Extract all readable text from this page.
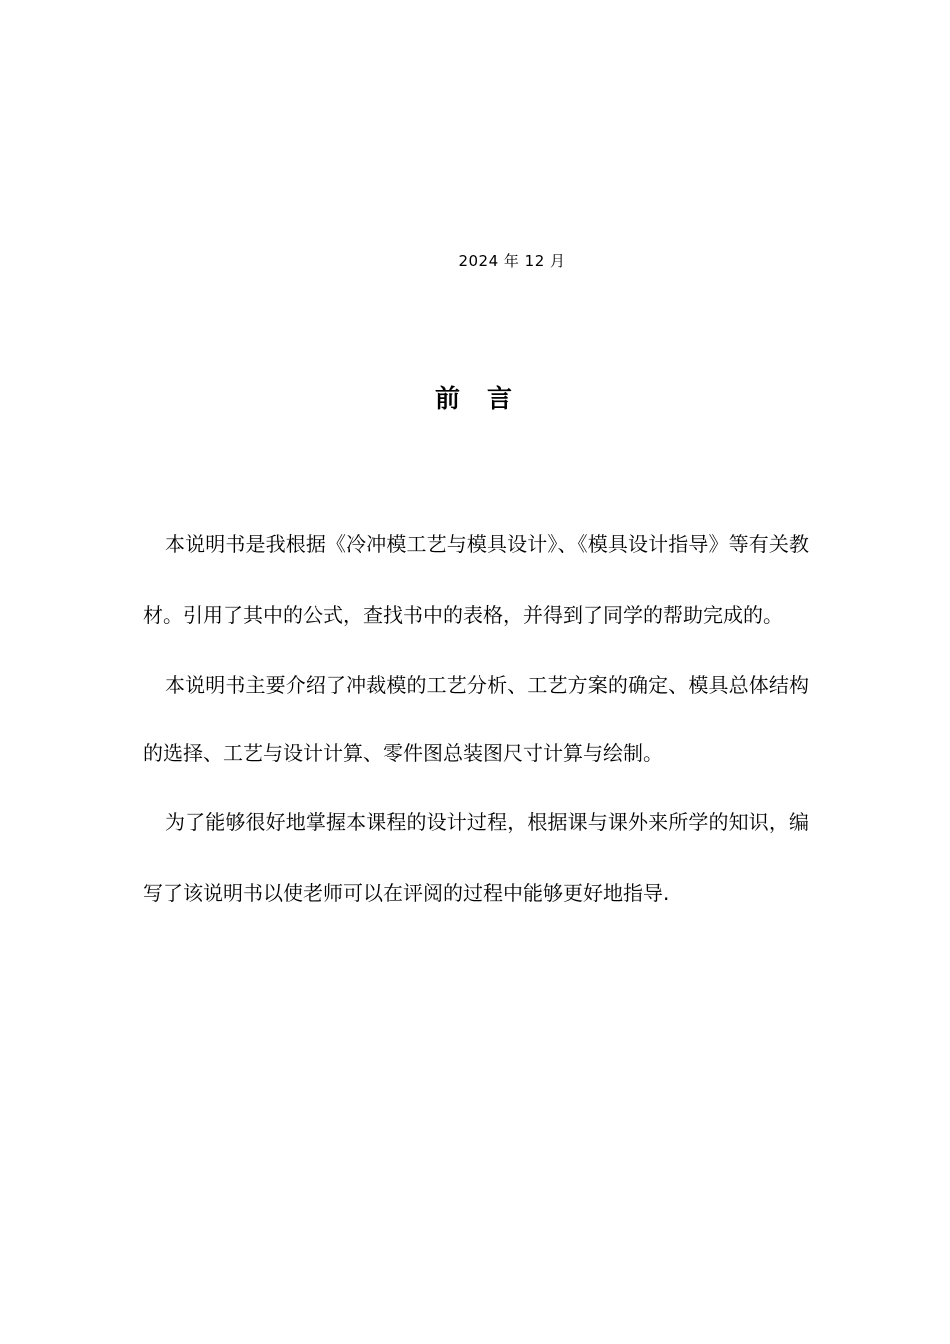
2024 年 12 月
前 言

本说明书是我根据《冷冲模工艺与模具设计》、《模具设计指导》等有关教材。引用了其中的公式，查找书中的表格，并得到了同学的帮助完成的。

本说明书主要介绍了冲裁模的工艺分析、工艺方案的确定、模具总体结构的选择、工艺与设计计算、零件图总装图尺寸计算与绘制。

为了能够很好地掌握本课程的设计过程，根据课与课外来所学的知识，编写了该说明书以使老师可以在评阅的过程中能够更好地指导.
